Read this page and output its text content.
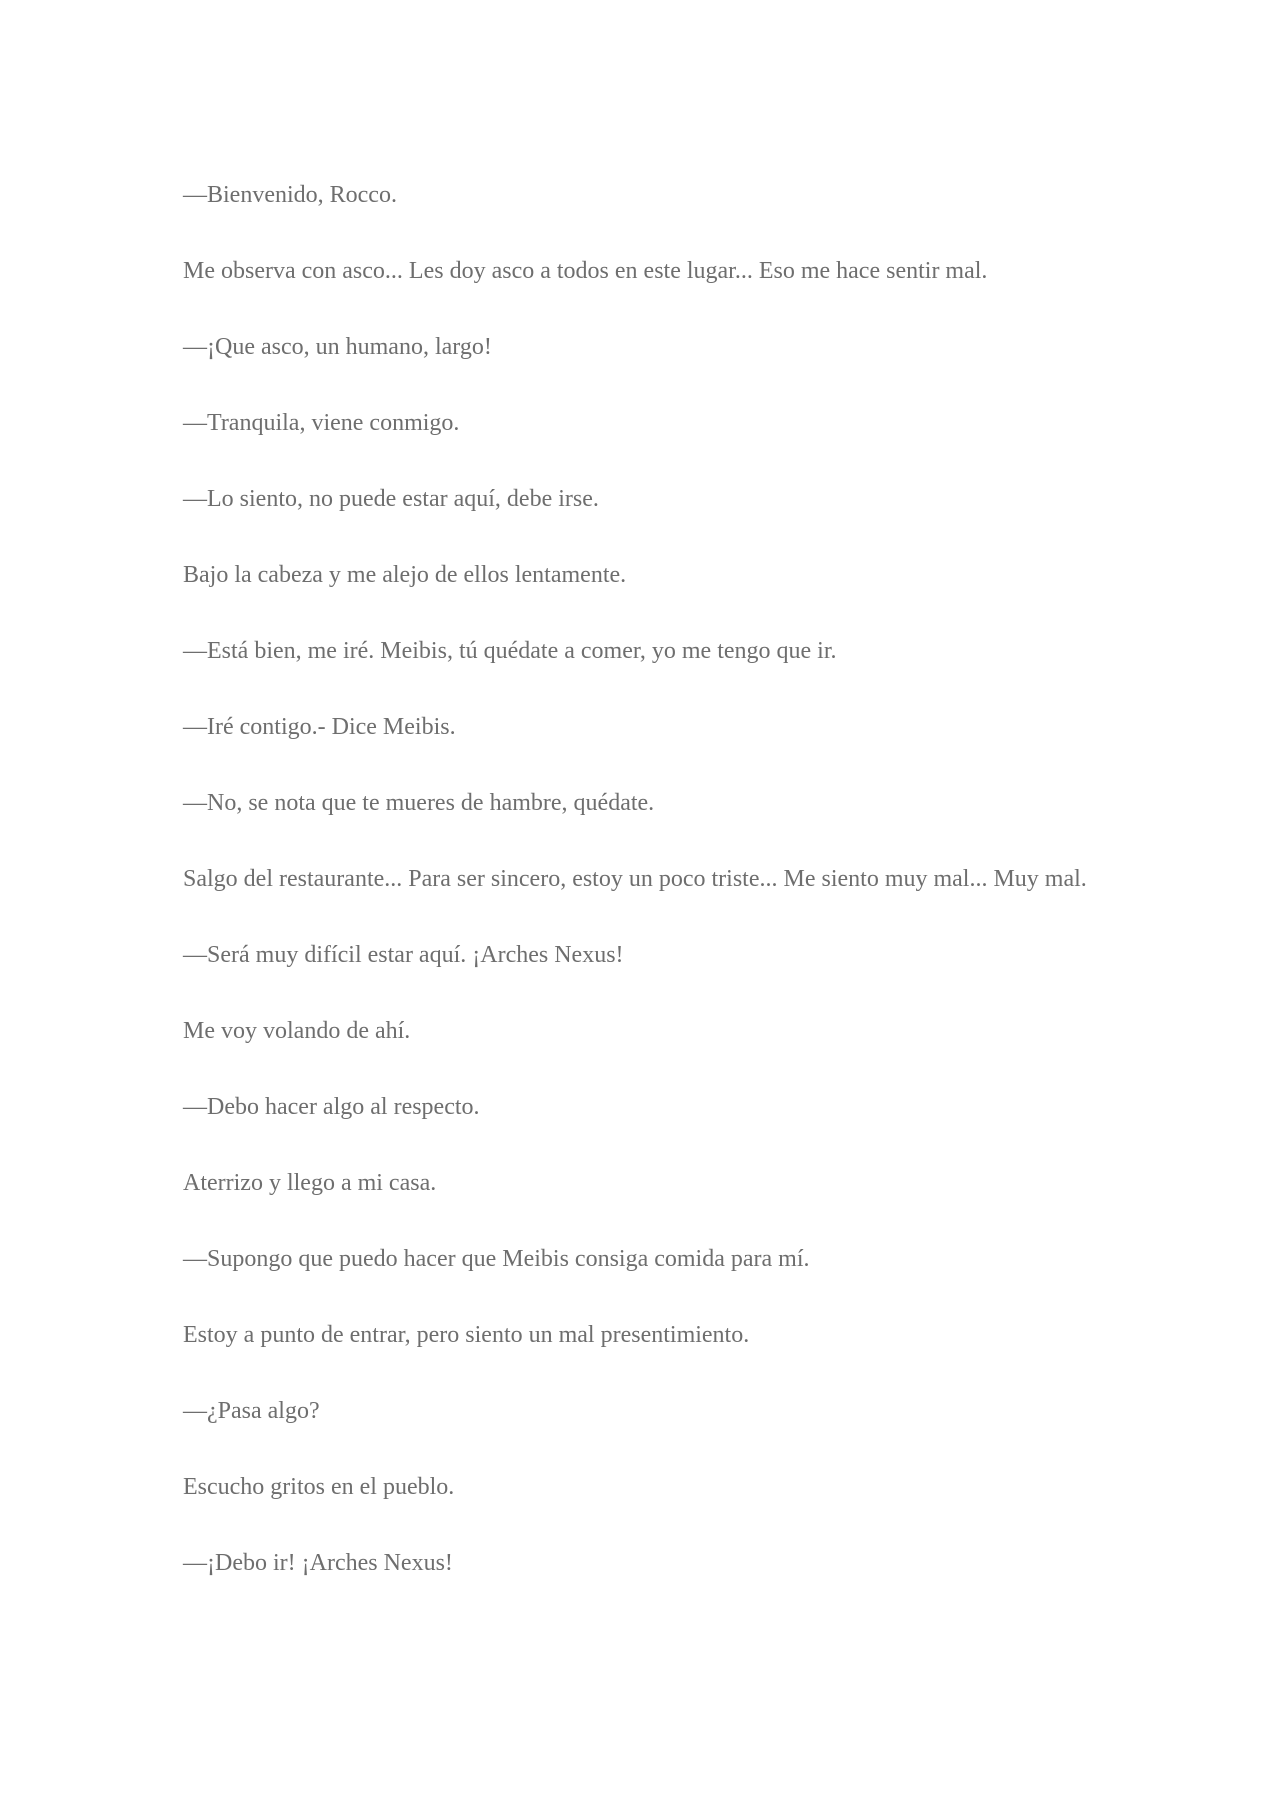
—Bienvenido, Rocco.

Me observa con asco... Les doy asco a todos en este lugar... Eso me hace sentir mal.

—¡Que asco, un humano, largo!

—Tranquila, viene conmigo.

—Lo siento, no puede estar aquí, debe irse.

Bajo la cabeza y me alejo de ellos lentamente.

—Está bien, me iré. Meibis, tú quédate a comer, yo me tengo que ir.

—Iré contigo.- Dice Meibis.

—No, se nota que te mueres de hambre, quédate.

Salgo del restaurante... Para ser sincero, estoy un poco triste... Me siento muy mal... Muy mal.

—Será muy difícil estar aquí. ¡Arches Nexus!

Me voy volando de ahí.

—Debo hacer algo al respecto.

Aterrizo y llego a mi casa.

—Supongo que puedo hacer que Meibis consiga comida para mí.

Estoy a punto de entrar, pero siento un mal presentimiento.

—¿Pasa algo?

Escucho gritos en el pueblo.

—¡Debo ir! ¡Arches Nexus!
